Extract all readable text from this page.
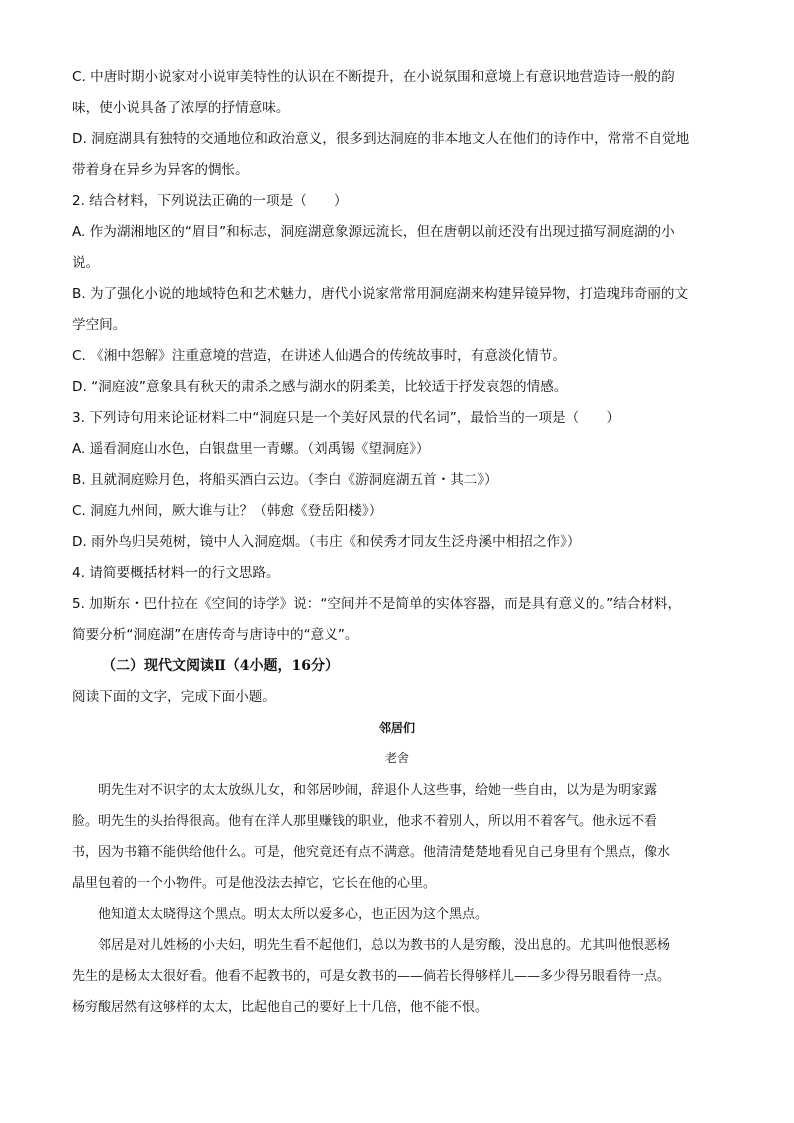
C. 中唐时期小说家对小说审美特性的认识在不断提升，在小说氛围和意境上有意识地营造诗一般的韵

味，使小说具备了浓厚的抒情意味。

D. 洞庭湖具有独特的交通地位和政治意义，很多到达洞庭的非本地文人在他们的诗作中，常常不自觉地

带着身在异乡为异客的惆怅。

2. 结合材料，下列说法正确的一项是（　　）

A. 作为湖湘地区的“眉目”和标志，洞庭湖意象源远流长，但在唐朝以前还没有出现过描写洞庭湖的小

说。

B. 为了强化小说的地域特色和艺术魅力，唐代小说家常常用洞庭湖来构建异镜异物，打造瑰玮奇丽的文

学空间。

C. 《湘中怨解》注重意境的营造，在讲述人仙遇合的传统故事时，有意淡化情节。

D. “洞庭波”意象具有秋天的肃杀之感与湖水的阴柔美，比较适于抒发哀怨的情感。

3. 下列诗句用来论证材料二中“洞庭只是一个美好风景的代名词”，最恰当的一项是（　　）

A. 遥看洞庭山水色，白银盘里一青螺。（刘禹锡《望洞庭》）

B. 且就洞庭赊月色，将船买酒白云边。（李白《游洞庭湖五首・其二》）

C. 洞庭九州间，厥大谁与让？（韩愈《登岳阳楼》）

D. 雨外鸟归吴苑树，镜中人入洞庭烟。（韦庄《和侯秀才同友生泛舟溪中相招之作》）

4. 请简要概括材料一的行文思路。

5. 加斯东・巴什拉在《空间的诗学》说：“空间并不是简单的实体容器，而是具有意义的。”结合材料，

简要分析“洞庭湖”在唐传奇与唐诗中的“意义”。

（二）现代文阅读Ⅱ（4小题，16分）

阅读下面的文字，完成下面小题。

邻居们

老舍

明先生对不识字的太太放纵儿女，和邻居吵闹，辞退仆人这些事，给她一些自由，以为是为明家露

脸。明先生的头抬得很高。他有在洋人那里赚钱的职业，他求不着别人，所以用不着客气。他永远不看

书，因为书籍不能供给他什么。可是，他究竟还有点不满意。他清清楚楚地看见自己身里有个黑点，像水

晶里包着的一个小物件。可是他没法去掉它，它长在他的心里。

他知道太太晓得这个黑点。明太太所以爱多心，也正因为这个黑点。

邻居是对儿姓杨的小夫妇，明先生看不起他们，总以为教书的人是穷酸，没出息的。尤其叫他恨恶杨

先生的是杨太太很好看。他看不起教书的，可是女教书的——倘若长得够样儿——多少得另眼看待一点。

杨穷酸居然有这够样的太太，比起他自己的要好上十几倍，他不能不恨。
